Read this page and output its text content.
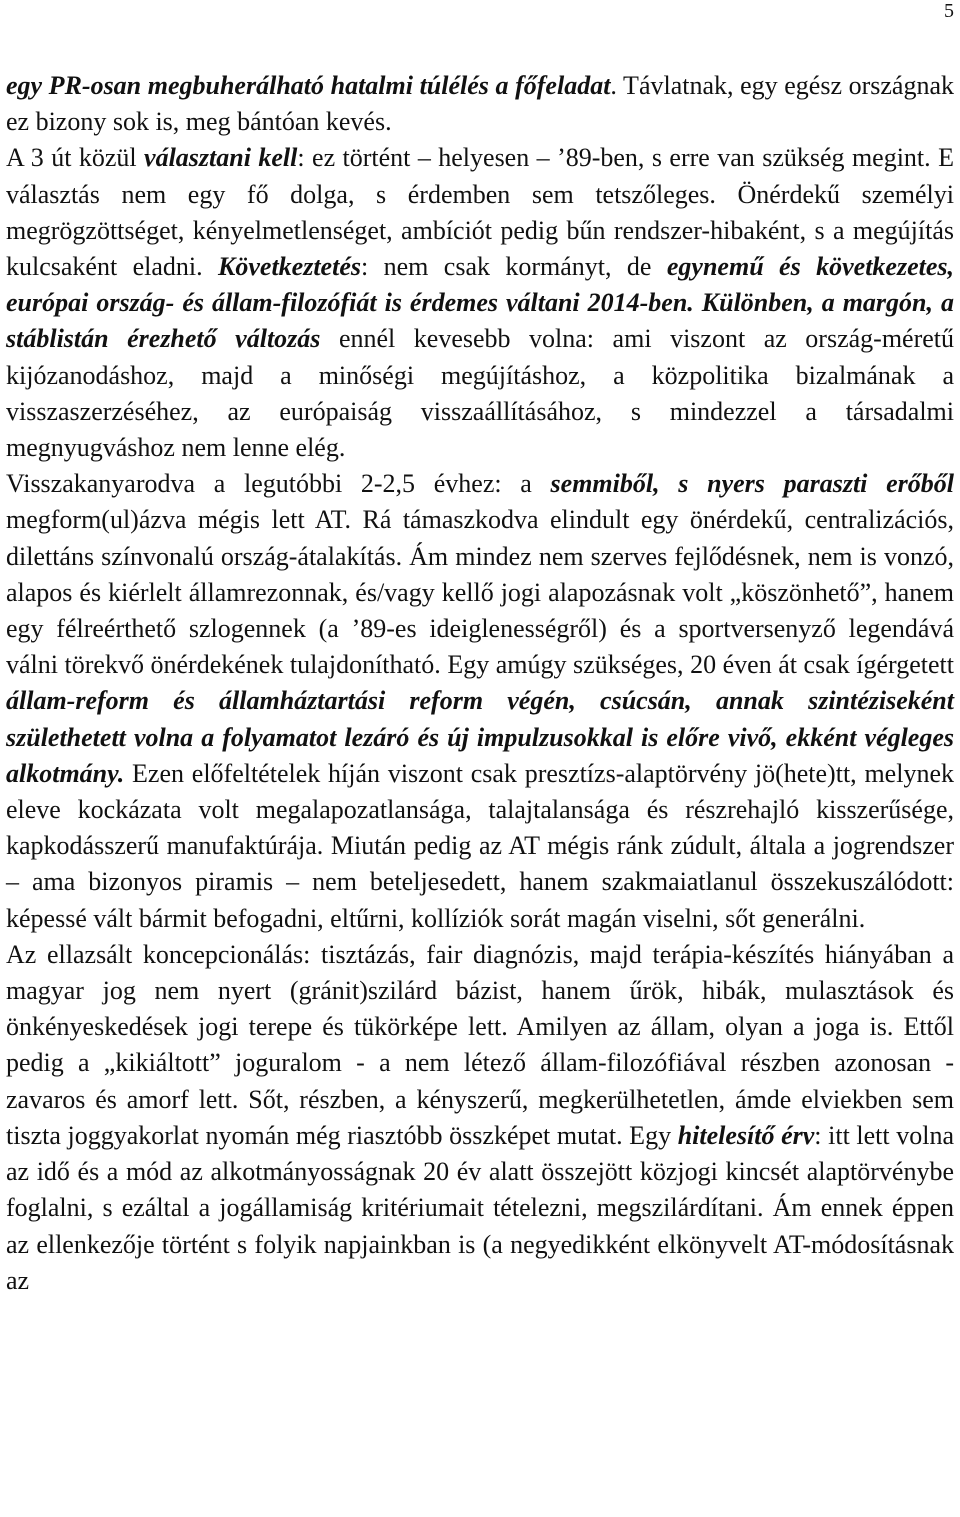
5

egy PR-osan megbuherálható hatalmi túlélés a főfeladat. Távlatnak, egy egész országnak ez bizony sok is, meg bántóan kevés.

A 3 út közül választani kell: ez történt – helyesen – ’89-ben, s erre van szükség megint. E választás nem egy fő dolga, s érdemben sem tetszőleges. Önérdekű személyi megrögzöttséget, kényelmetlenséget, ambíciót pedig bűn rendszer-hibaként, s a megújítás kulcsaként eladni. Következtetés: nem csak kormányt, de egynemű és következetes, európai ország- és állam-filozófiát is érdemes váltani 2014-ben. Különben, a margón, a stáblistán érezhető változás ennél kevesebb volna: ami viszont az ország-méretű kijózanodáshoz, majd a minőségi megújításhoz, a közpolitika bizalmának a visszaszerzéséhez, az európaiság visszaállításához, s mindezzel a társadalmi megnyugváshoz nem lenne elég.

Visszakanyarodva a legutóbbi 2-2,5 évhez: a semmiből, s nyers paraszti erőből megform(ul)ázva mégis lett AT. Rá támaszkodva elindult egy önérdekű, centralizációs, dilettáns színvonalú ország-átalakítás. Ám mindez nem szerves fejlődésnek, nem is vonzó, alapos és kiérlelt államrezonnak, és/vagy kellő jogi alapozásnak volt „köszönhető”, hanem egy félreérthető szlogennek (a ’89-es ideiglenességről) és a sportversenyző legendává válni törekvő önérdekének tulajdonítható. Egy amúgy szükséges, 20 éven át csak ígérgetett állam-reform és államháztartási reform végén, csúcsán, annak szintéziseként születhetett volna a folyamatot lezáró és új impulzusokkal is előre vivő, ekként végleges alkotmány. Ezen előfeltételek híján viszont csak presztízs-alaptörvény jö(hete)tt, melynek eleve kockázata volt megalapozatlansága, talajtalansága és részrehajló kisszerűsége, kapkodásszerű manufaktúrája. Miután pedig az AT mégis ránk zúdult, általa a jogrendszer – ama bizonyos piramis – nem beteljesedett, hanem szakmaiatlanul összekuszálódott: képessé vált bármit befogadni, eltűrni, kollíziók sorát magán viselni, sőt generálni.

Az ellazsált koncepcionálás: tisztázás, fair diagnózis, majd terápia-készítés hiányában a magyar jog nem nyert (gránit)szilárd bázist, hanem űrök, hibák, mulasztások és önkényeskedések jogi terepe és tükörképe lett. Amilyen az állam, olyan a joga is. Ettől pedig a „kikiáltott” joguralom - a nem létező állam-filozófiával részben azonosan - zavaros és amorf lett. Sőt, részben, a kényszerű, megkerülhetetlen, ámde elviekben sem tiszta joggyakorlat nyomán még riasztóbb összképet mutat. Egy hitelesítő érv: itt lett volna az idő és a mód az alkotmányosságnak 20 év alatt összejött közjogi kincsét alaptörvénybe foglalni, s ezáltal a jogállamiság kritériumait tételezni, megszilárdítani. Ám ennek éppen az ellenkezője történt s folyik napjainkban is (a negyedikként elkönyvelt AT-módosításnak az
